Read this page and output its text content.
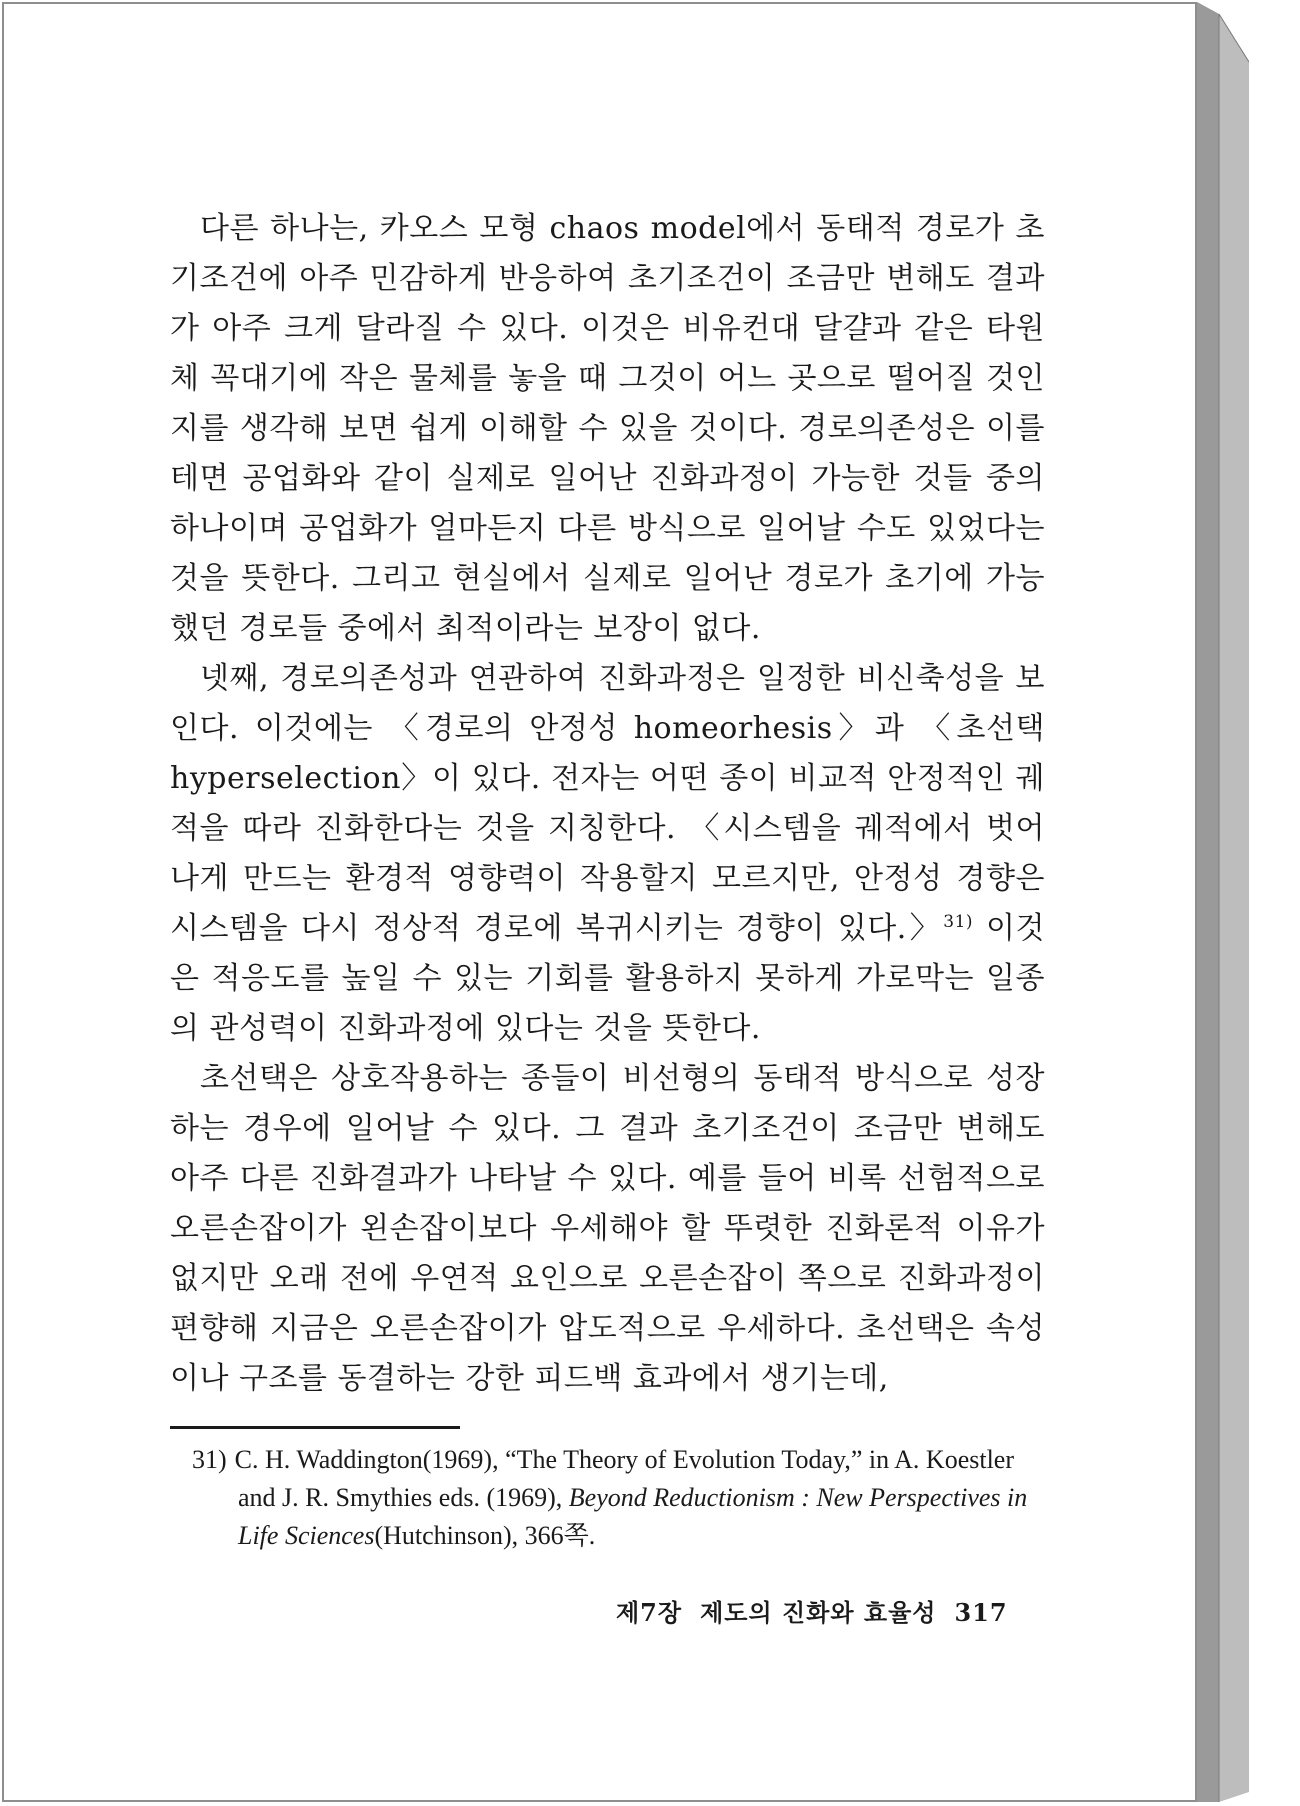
다른 하나는, 카오스 모형 chaos model에서 동태적 경로가 초기조건에 아주 민감하게 반응하여 초기조건이 조금만 변해도 결과가 아주 크게 달라질 수 있다. 이것은 비유컨대 달걀과 같은 타원체 꼭대기에 작은 물체를 놓을 때 그것이 어느 곳으로 떨어질 것인지를 생각해 보면 쉽게 이해할 수 있을 것이다. 경로의존성은 이를테면 공업화와 같이 실제로 일어난 진화과정이 가능한 것들 중의 하나이며 공업화가 얼마든지 다른 방식으로 일어날 수도 있었다는 것을 뜻한다. 그리고 현실에서 실제로 일어난 경로가 초기에 가능했던 경로들 중에서 최적이라는 보장이 없다.

넷째, 경로의존성과 연관하여 진화과정은 일정한 비신축성을 보인다. 이것에는 〈경로의 안정성 homeorhesis〉과 〈초선택 hyperselection〉이 있다. 전자는 어떤 종이 비교적 안정적인 궤적을 따라 진화한다는 것을 지칭한다. 〈시스템을 궤적에서 벗어나게 만드는 환경적 영향력이 작용할지 모르지만, 안정성 경향은 시스템을 다시 정상적 경로에 복귀시키는 경향이 있다.〉$^{31)}$ 이것은 적응도를 높일 수 있는 기회를 활용하지 못하게 가로막는 일종의 관성력이 진화과정에 있다는 것을 뜻한다.

초선택은 상호작용하는 종들이 비선형의 동태적 방식으로 성장하는 경우에 일어날 수 있다. 그 결과 초기조건이 조금만 변해도 아주 다른 진화결과가 나타날 수 있다. 예를 들어 비록 선험적으로 오른손잡이가 왼손잡이보다 우세해야 할 뚜렷한 진화론적 이유가 없지만 오래 전에 우연적 요인으로 오른손잡이 쪽으로 진화과정이 편향해 지금은 오른손잡이가 압도적으로 우세하다. 초선택은 속성이나 구조를 동결하는 강한 피드백 효과에서 생기는데,

31) C. H. Waddington(1969), “The Theory of Evolution Today,” in A. Koestler and J. R. Smythies eds. (1969), Beyond Reductionism : New Perspectives in Life Sciences(Hutchinson), 366쪽.
제7장 제도의 진화와 효율성 317
